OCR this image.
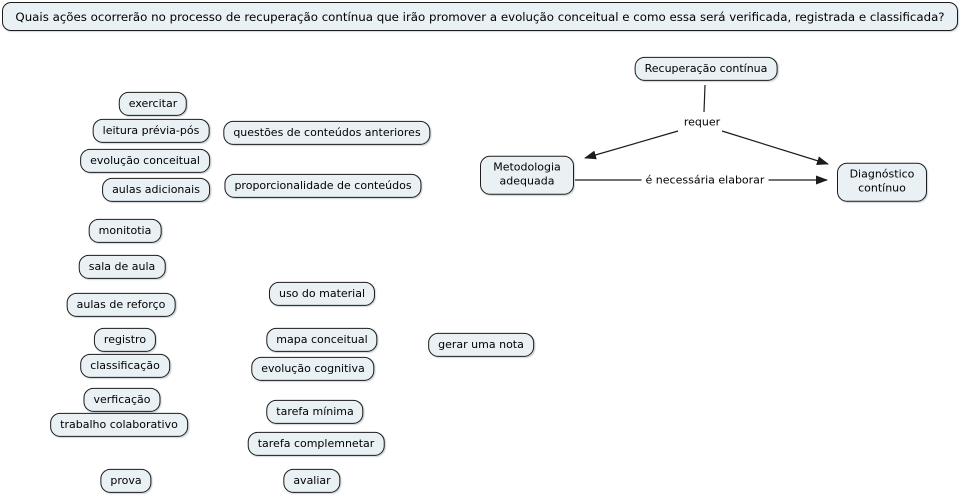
Quais ações ocorrerão no processo de recuperação contínua que irão promover a evolução conceitual e como essa será verificada, registrada e classificada?
requer
é necessária elaborar
exercitar
leitura prévia-pós	questões de conteúdos anteriores
evolução conceitual
aulas adicionais	proporcionalidade de conteúdos
monitotia
sala de aula
aulas de reforço
uso do material
registro	mapa conceitual
classificação	evolução cognitiva
verficação
tarefa mínima
trabalho colaborativo
tarefa complemnetar
prova	avaliar
gerar uma nota
Recuperação contínua
Metodologia adequada
Diagnóstico contínuo
